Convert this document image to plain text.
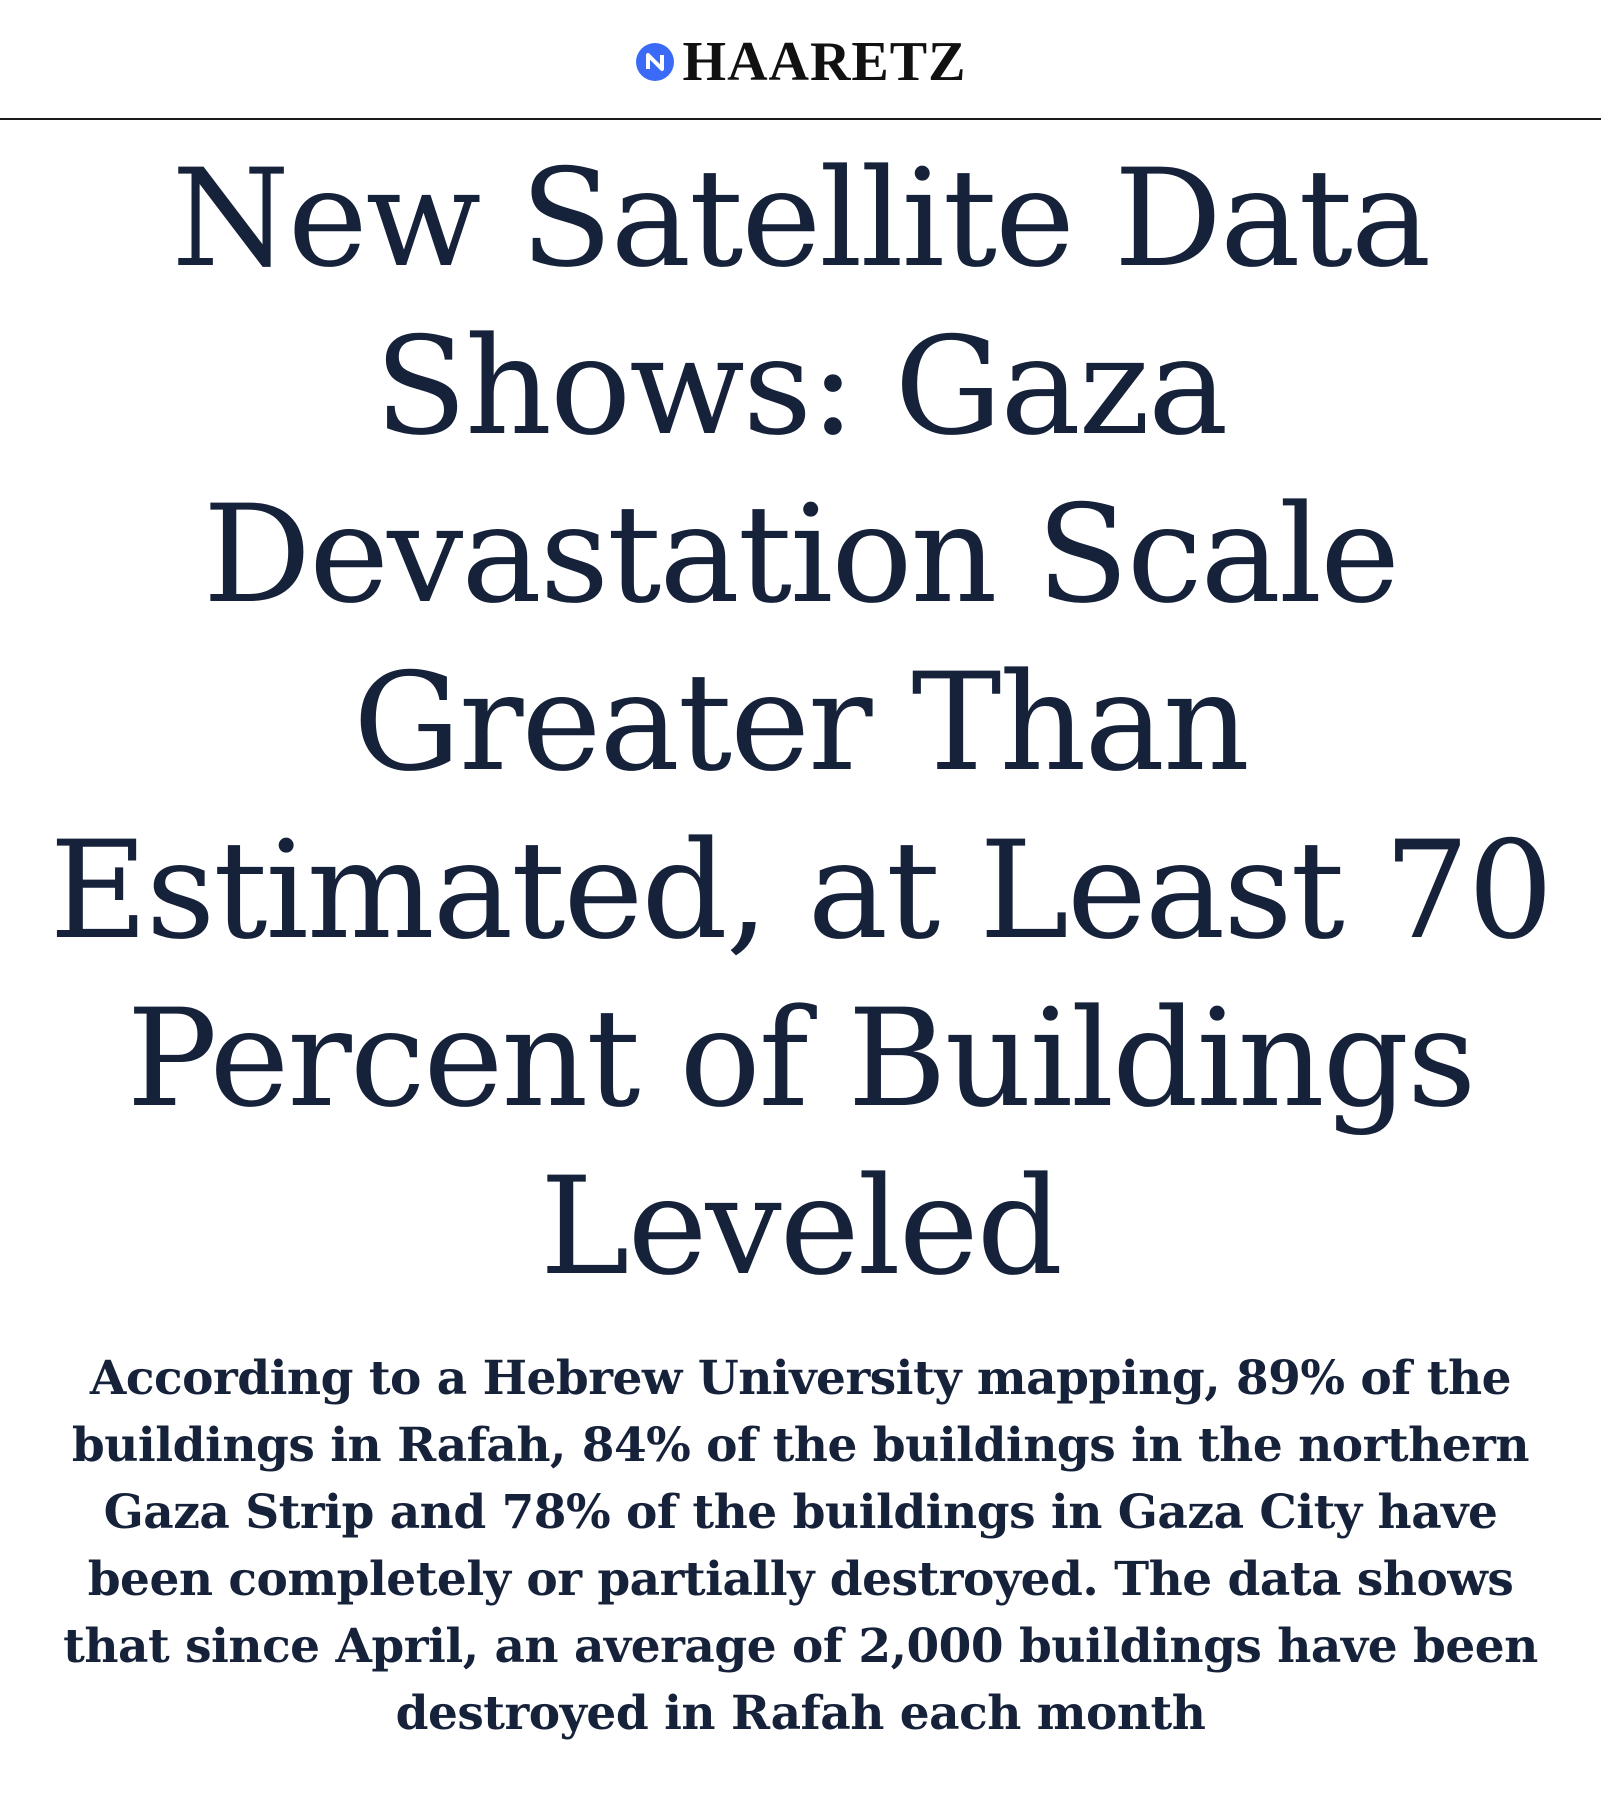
HAARETZ
New Satellite Data Shows: Gaza Devastation Scale Greater Than Estimated, at Least 70 Percent of Buildings Leveled

According to a Hebrew University mapping, 89% of the buildings in Rafah, 84% of the buildings in the northern Gaza Strip and 78% of the buildings in Gaza City have been completely or partially destroyed. The data shows that since April, an average of 2,000 buildings have been destroyed in Rafah each month
